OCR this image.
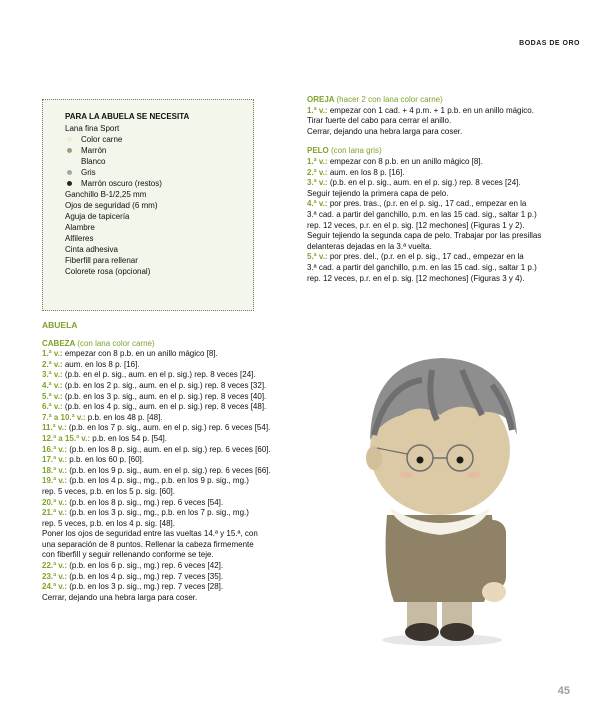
BODAS DE ORO
PARA LA ABUELA SE NECESITA
Lana fina Sport
Color carne
Marrón
Blanco
Gris
Marrón oscuro (restos)
Ganchillo B-1/2,25 mm
Ojos de seguridad (6 mm)
Aguja de tapicería
Alambre
Alfileres
Cinta adhesiva
Fiberfill para rellenar
Colorete rosa (opcional)
ABUELA
CABEZA (con lana color carne)
1.ª v.: empezar con 8 p.b. en un anillo mágico [8].
2.ª v.: aum. en los 8 p. [16].
3.ª v.: (p.b. en el p. sig., aum. en el p. sig.) rep. 8 veces [24].
4.ª v.: (p.b. en los 2 p. sig., aum. en el p. sig.) rep. 8 veces [32].
5.ª v.: (p.b. en los 3 p. sig., aum. en el p. sig.) rep. 8 veces [40].
6.ª v.: (p.b. en los 4 p. sig., aum. en el p. sig.) rep. 8 veces [48].
7.ª a 10.ª v.: p.b. en los 48 p. [48].
11.ª v.: (p.b. en los 7 p. sig., aum. en el p. sig.) rep. 6 veces [54].
12.ª a 15.ª v.: p.b. en los 54 p. [54].
16.ª v.: (p.b. en los 8 p. sig., aum. en el p. sig.) rep. 6 veces [60].
17.ª v.: p.b. en los 60 p. [60].
18.ª v.: (p.b. en los 9 p. sig., aum. en el p. sig.) rep. 6 veces [66].
19.ª v.: (p.b. en los 4 p. sig., mg., p.b. en los 9 p. sig., mg.)
rep. 5 veces, p.b. en los 5 p. sig. [60].
20.ª v.: (p.b. en los 8 p. sig., mg.) rep. 6 veces [54].
21.ª v.: (p.b. en los 3 p. sig., mg., p.b. en los 7 p. sig., mg.)
rep. 5 veces, p.b. en los 4 p. sig. [48].
Poner los ojos de seguridad entre las vueltas 14.ª y 15.ª, con
una separación de 8 puntos. Rellenar la cabeza firmemente
con fiberfill y seguir rellenando conforme se teje.
22.ª v.: (p.b. en los 6 p. sig., mg.) rep. 6 veces [42].
23.ª v.: (p.b. en los 4 p. sig., mg.) rep. 7 veces [35].
24.ª v.: (p.b. en los 3 p. sig., mg.) rep. 7 veces [28].
Cerrar, dejando una hebra larga para coser.
OREJA (hacer 2 con lana color carne)
1.ª v.: empezar con 1 cad. + 4 p.m. + 1 p.b. en un anillo mágico.
Tirar fuerte del cabo para cerrar el anillo.
Cerrar, dejando una hebra larga para coser.
PELO (con lana gris)
1.ª v.: empezar con 8 p.b. en un anillo mágico [8].
2.ª v.: aum. en los 8 p. [16].
3.ª v.: (p.b. en el p. sig., aum. en el p. sig.) rep. 8 veces [24].
Seguir tejiendo la primera capa de pelo.
4.ª v.: por pres. tras., (p.r. en el p. sig., 17 cad., empezar en la
3.ª cad. a partir del ganchillo, p.m. en las 15 cad. sig., saltar 1 p.)
rep. 12 veces, p.r. en el p. sig. [12 mechones] (Figuras 1 y 2).
Seguir tejiendo la segunda capa de pelo. Trabajar por las presillas
delanteras dejadas en la 3.ª vuelta.
5.ª v.: por pres. del., (p.r. en el p. sig., 17 cad., empezar en la
3.ª cad. a partir del ganchillo, p.m. en las 15 cad. sig., saltar 1 p.)
rep. 12 veces, p.r. en el p. sig. [12 mechones] (Figuras 3 y 4).
45
